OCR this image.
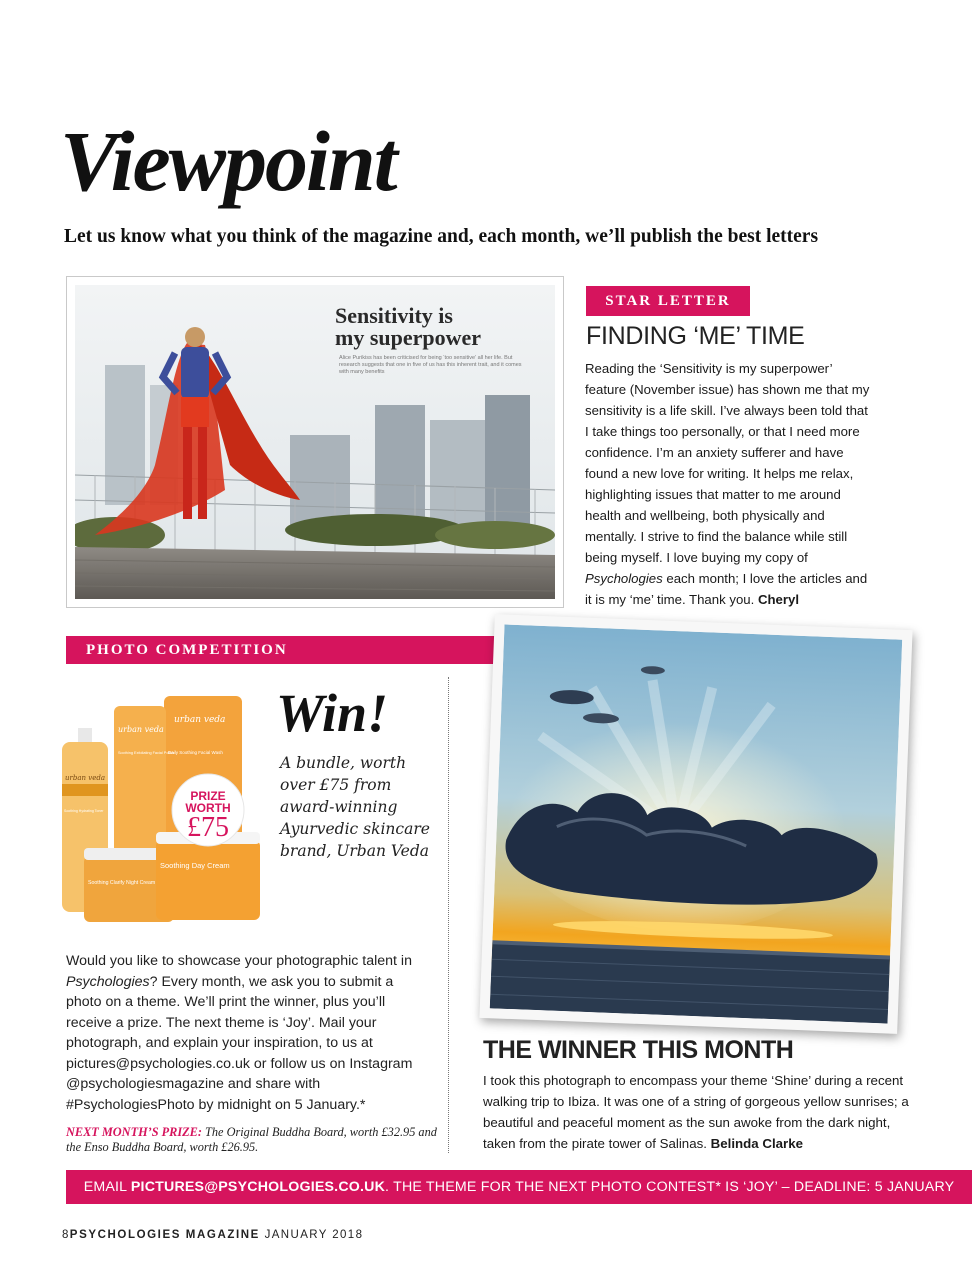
Viewpoint

Let us know what you think of the magazine and, each month, we’ll publish the best letters

Sensitivity is
my superpower
Alice Purikiss has been criticised for being ‘too sensitive’ all her life. But research suggests that one in five of us has this inherent trait, and it comes with many benefits
STAR LETTER
FINDING ‘ME’ TIME

Reading the ‘Sensitivity is my superpower’ feature (November issue) has shown me that my sensitivity is a life skill. I’ve always been told that I take things too personally, or that I need more confidence. I’m an anxiety sufferer and have found a new love for writing. It helps me relax, highlighting issues that matter to me around health and wellbeing, both physically and mentally. I strive to find the balance while still being myself. I love buying my copy of Psychologies each month; I love the articles and it is my ‘me’ time. Thank you. Cheryl

PHOTO COMPETITION
PRIZE
WORTH
£75
urban veda
urban veda
urban veda
Daily Soothing Facial Wash
Soothing Exfoliating Facial Polish
Soothing Hydrating Toner
Soothing Clarify Night Cream
Soothing Day Cream
Win!

A bundle, worth over £75 from award-winning Ayurvedic skincare brand, Urban Veda

Would you like to showcase your photographic talent in Psychologies? Every month, we ask you to submit a photo on a theme. We’ll print the winner, plus you’ll receive a prize. The next theme is ‘Joy’. Mail your photograph, and explain your inspiration, to us at pictures@psychologies.co.uk or follow us on Instagram @psychologiesmagazine and share with #PsychologiesPhoto by midnight on 5 January.*

NEXT MONTH’S PRIZE: The Original Buddha Board, worth £32.95 and the Enso Buddha Board, worth £26.95.

THE WINNER THIS MONTH

I took this photograph to encompass your theme ‘Shine’ during a recent walking trip to Ibiza. It was one of a string of gorgeous yellow sunrises; a beautiful and peaceful moment as the sun awoke from the dark night, taken from the pirate tower of Salinas. Belinda Clarke

EMAIL PICTURES@PSYCHOLOGIES.CO.UK. THE THEME FOR THE NEXT PHOTO CONTEST* IS ‘JOY’ – DEADLINE: 5 JANUARY
8PSYCHOLOGIES MAGAZINE JANUARY 2018
